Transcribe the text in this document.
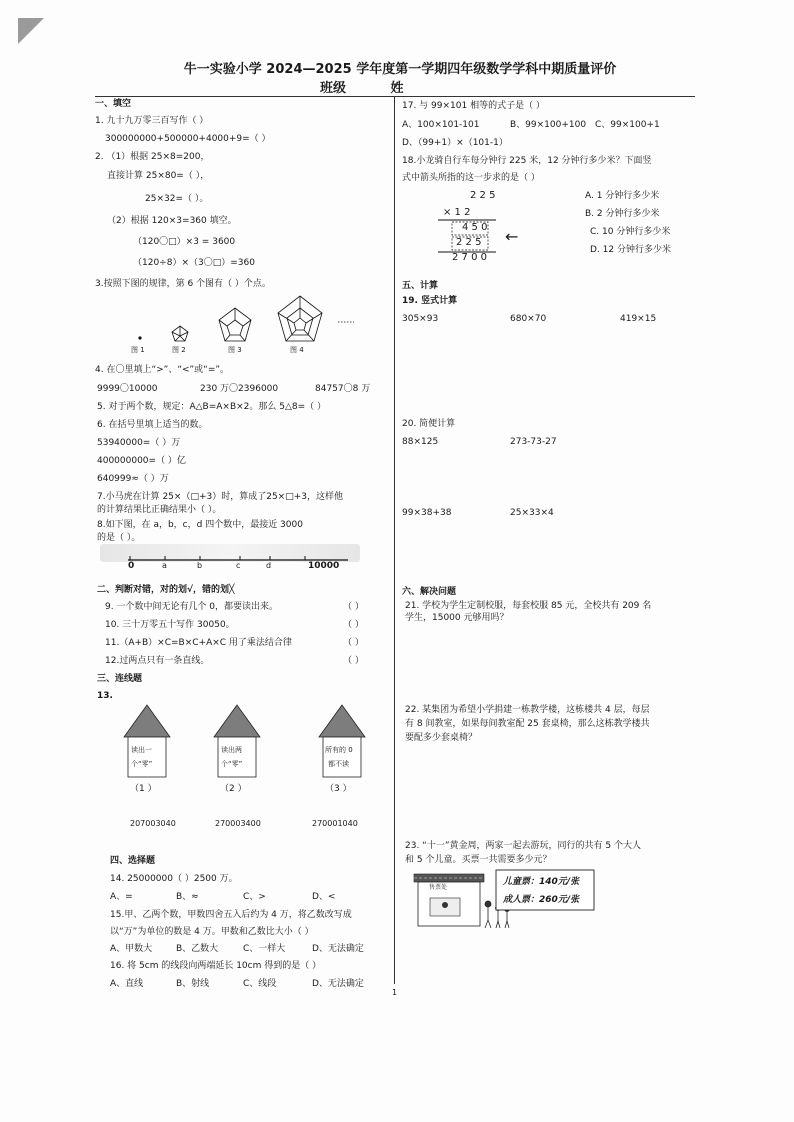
牛一实验小学 2024—2025 学年度第一学期四年级数学学科中期质量评价
班级	姓
一、填空
1. 九十九万零三百写作（ ）
300000000+500000+4000+9=（ ）
2. （1）根据 25×8=200，
直接计算 25×80=（ ），
25×32=（ ）。
（2）根据 120×3=360 填空。
（120〇□）×3 = 3600
（120÷8）×（3〇□）=360
3.按照下图的规律，第 6 个图有（ ）个点。
图 1	图 2	图 3	图 4
4. 在〇里填上“>”、“<”或“=”。
9999〇10000	230 万〇2396000	84757〇8 万
5. 对于两个数，规定：A△B=A×B×2。那么 5△8=（ ）
6. 在括号里填上适当的数。
53940000=（ ）万
400000000=（ ）亿
640999≈（ ）万
7.小马虎在计算 25×（□+3）时，算成了25×□+3，这样他
的计算结果比正确结果小（ ）。
8.如下图，在 a，b，c，d 四个数中，最接近 3000
的是（ ）。
0	a	b	c	d	10000
二、判断对错，对的划√，错的划╳
9. 一个数中间无论有几个 0，都要读出来。	（ ）
10. 三十万零五十写作 30050。	（ ）
11.（A+B）×C=B×C+A×C 用了乘法结合律	（ ）
12.过两点只有一条直线。	（ ）
三、连线题
13.
读出一
个“零”
读出两
个“零”
所有的 0
都不读
（1 ）	（2 ）	（3 ）
207003040	270003400	270001040
四、选择题
14. 25000000（ ）2500 万。
A、=	B、≈	C、>	D、<
15.甲、乙两个数，甲数四舍五入后约为 4 万，将乙数改写成
以“万”为单位的数是 4 万。甲数和乙数比大小（ ）
A、甲数大	B、乙数大	C、一样大	D、无法确定
16. 将 5cm 的线段向两端延长 10cm 得到的是（ ）
A、直线	B、射线	C、线段	D、无法确定
17. 与 99×101 相等的式子是（ ）
A、100×101-101	B、99×100+100 C、99×100+1
D、（99+1）×（101-1）
18.小龙骑自行车每分钟行 225 米，12 分钟行多少米？下面竖
式中箭头所指的这一步求的是（ ）
2 2 5
× 1 2
4 5 0
2 2 5
2 7 0 0
←
A. 1 分钟行多少米
B. 2 分钟行多少米
C. 10 分钟行多少米
D. 12 分钟行多少米
五、计算
19. 竖式计算
305×93	680×70	419×15
20. 简便计算
88×125	273-73-27
99×38+38	25×33×4
六、解决问题
21. 学校为学生定制校服，每套校服 85 元，全校共有 209 名
学生，15000 元够用吗？
22. 某集团为希望小学捐建一栋教学楼，这栋楼共 4 层，每层
有 8 间教室，如果每间教室配 25 套桌椅，那么这栋教学楼共
要配多少套桌椅？
23. “十一”黄金周，两家一起去游玩，同行的共有 5 个大人
和 5 个儿童。买票一共需要多少元？
售票处
儿童票：140元/张
成人票：260元/张
1
